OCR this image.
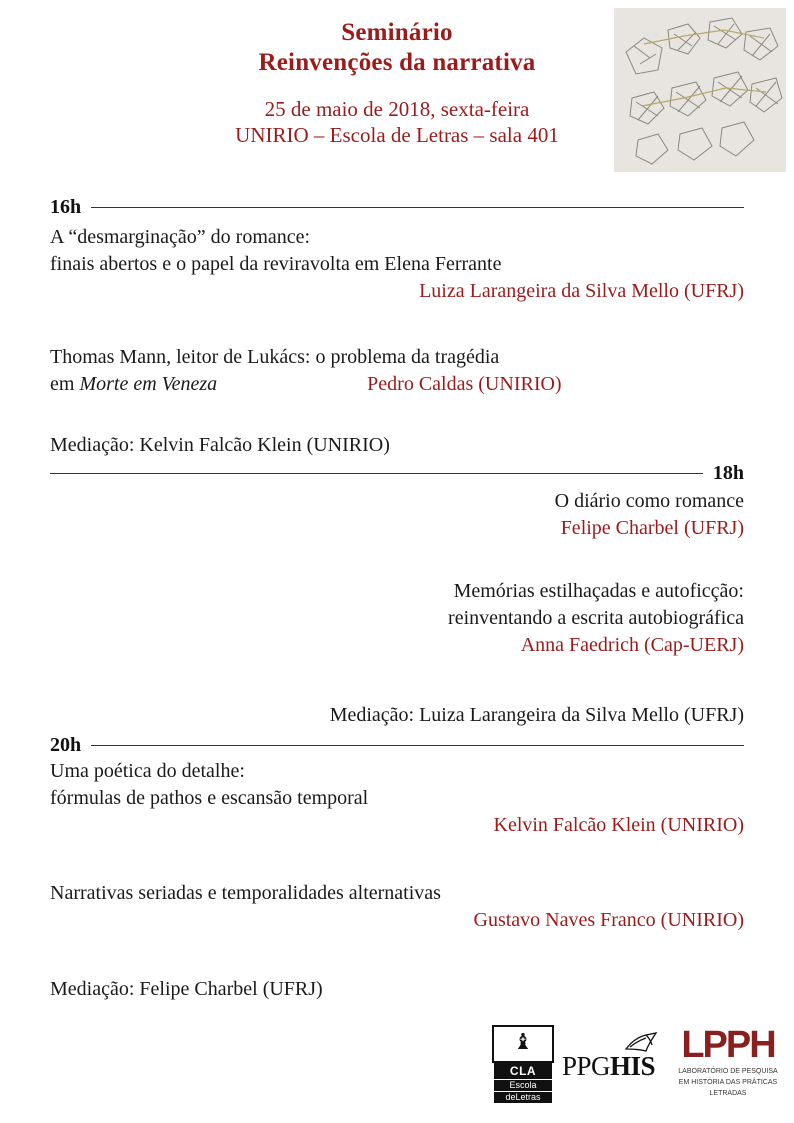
Seminário
Reinvenções da narrativa
25 de maio de 2018, sexta-feira
UNIRIO – Escola de Letras – sala 401
16h
A “desmarginação” do romance:
finais abertos e o papel da reviravolta em Elena Ferrante
Luiza Larangeira da Silva Mello (UFRJ)
Thomas Mann, leitor de Lukács: o problema da tragédia
em Morte em Veneza	Pedro Caldas (UNIRIO)
Mediação: Kelvin Falcão Klein (UNIRIO)
18h
O diário como romance
Felipe Charbel (UFRJ)
Memórias estilhaçadas e autoficção:
reinventando a escrita autobiográfica
Anna Faedrich (Cap-UERJ)
Mediação: Luiza Larangeira da Silva Mello (UFRJ)
20h
Uma poética do detalhe:
fórmulas de pathos e escansão temporal
Kelvin Falcão Klein (UNIRIO)
Narrativas seriadas e temporalidades alternativas
Gustavo Naves Franco (UNIRIO)
Mediação: Felipe Charbel (UFRJ)
♝
CLA
Escola
deLetras
PPGHIS LPPH
LABORATÓRIO DE PESQUISA
EM HISTÓRIA DAS PRÁTICAS
LETRADAS
